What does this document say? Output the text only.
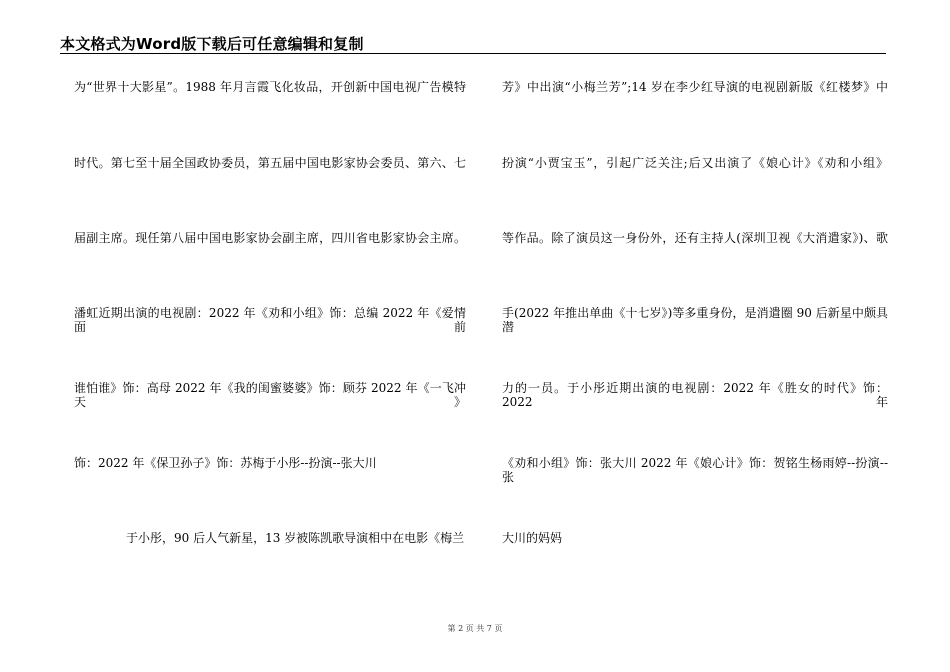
本文格式为Word版下载后可任意编辑和复制
为“世界十大影星”。1988 年月言霞飞化妆品，开创新中国电视广告模特
时代。第七至十届全国政协委员，第五届中国电影家协会委员、第六、七
届副主席。现任第八届中国电影家协会副主席，四川省电影家协会主席。
潘虹近期出演的电视剧：2022 年《劝和小组》饰：总编 2022 年《爱情面前
谁怕谁》饰：高母 2022 年《我的闺蜜婆婆》饰：顾芬 2022 年《一飞冲天》
饰：2022 年《保卫孙子》饰：苏梅于小彤--扮演--张大川
于小彤，90 后人气新星，13 岁被陈凯歌导演相中在电影《梅兰
芳》中出演“小梅兰芳”;14 岁在李少红导演的电视剧新版《红楼梦》中
扮演“小贾宝玉”，引起广泛关注;后又出演了《娘心计》《劝和小组》
等作品。除了演员这一身份外，还有主持人(深圳卫视《大消遣家》)、歌
手(2022 年推出单曲《十七岁》)等多重身份，是消遣圈 90 后新星中颇具潜
力的一员。于小彤近期出演的电视剧：2022 年《胜女的时代》饰：2022 年
《劝和小组》饰：张大川 2022 年《娘心计》饰：贺铭生杨雨婷--扮演--张
大川的妈妈
第 2 页 共 7 页
